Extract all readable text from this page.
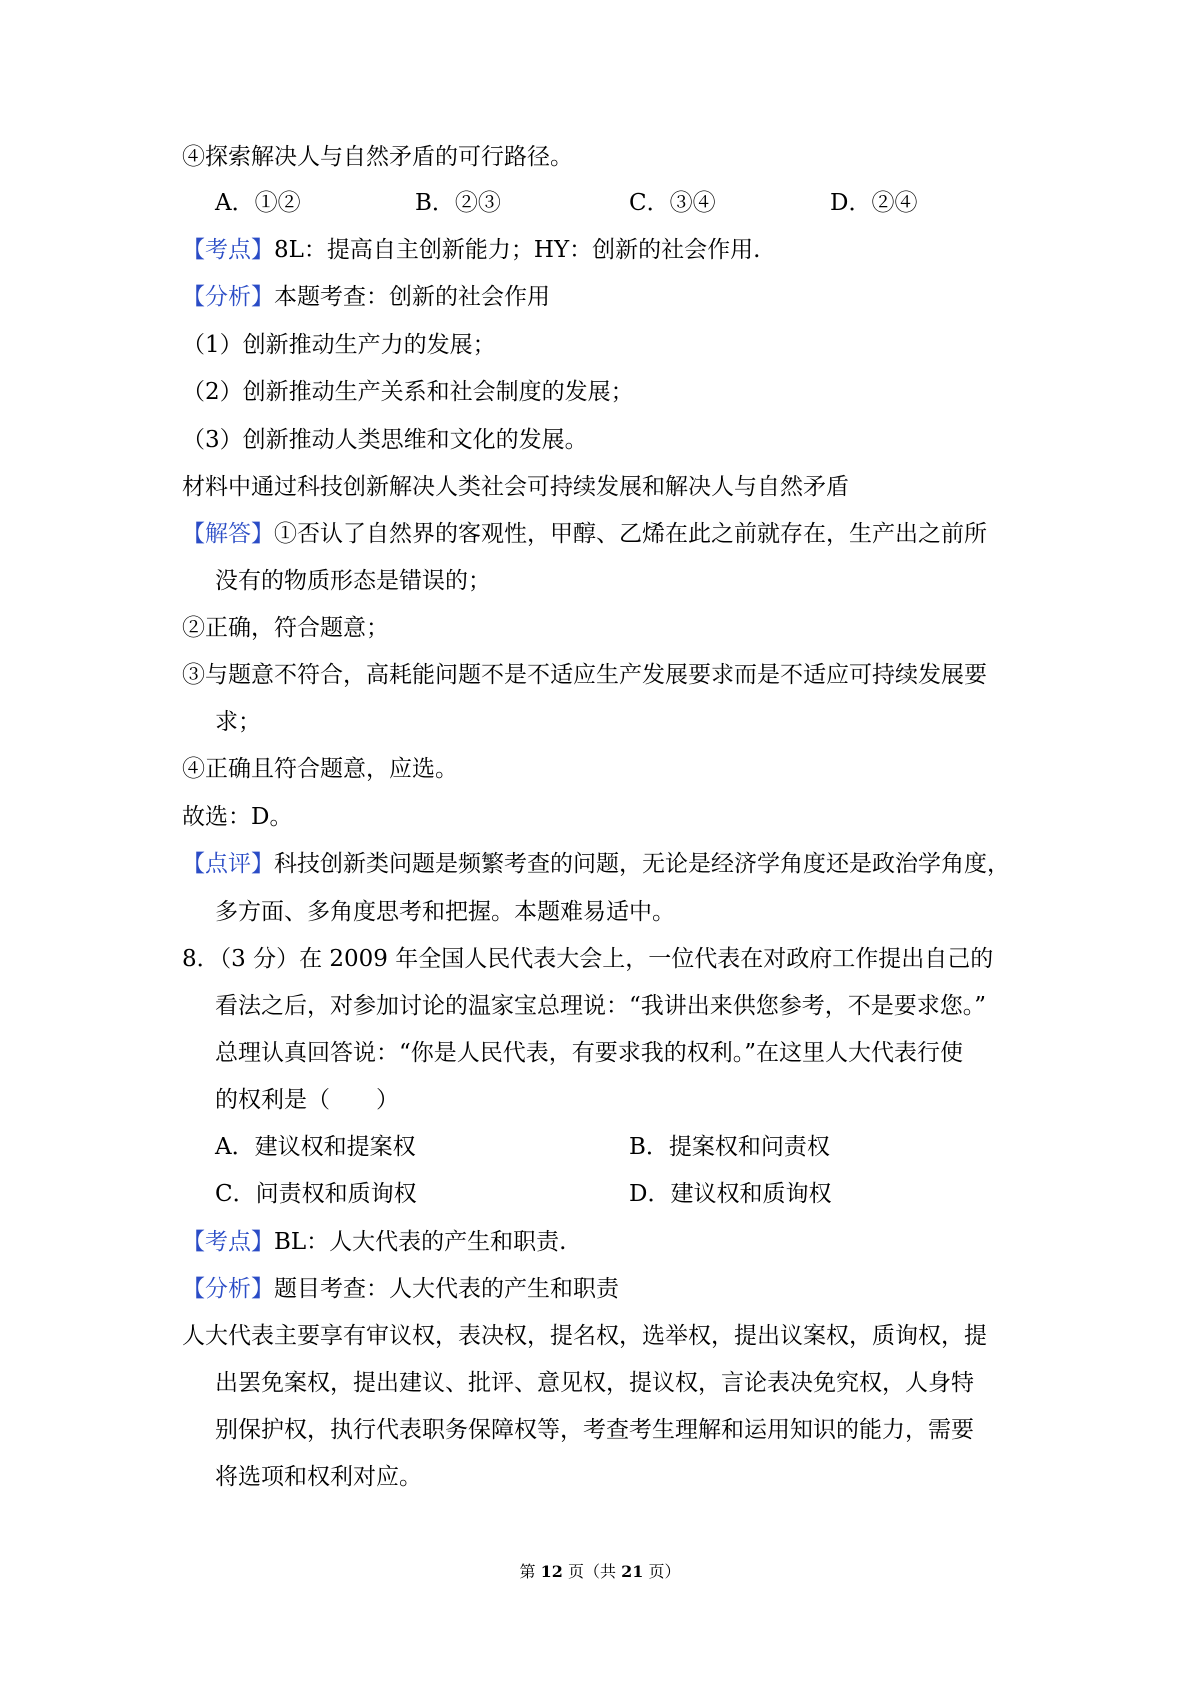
④探索解决人与自然矛盾的可行路径。
A．①②	B．②③	C．③④	D．②④
【考点】8L：提高自主创新能力；HY：创新的社会作用.
【分析】本题考查：创新的社会作用
（1）创新推动生产力的发展；
（2）创新推动生产关系和社会制度的发展；
（3）创新推动人类思维和文化的发展。
材料中通过科技创新解决人类社会可持续发展和解决人与自然矛盾
【解答】①否认了自然界的客观性，甲醇、乙烯在此之前就存在，生产出之前所
没有的物质形态是错误的；
②正确，符合题意；
③与题意不符合，高耗能问题不是不适应生产发展要求而是不适应可持续发展要
求；
④正确且符合题意，应选。
故选：D。
【点评】科技创新类问题是频繁考查的问题，无论是经济学角度还是政治学角度，
多方面、多角度思考和把握。本题难易适中。
8．（3 分）在 2009 年全国人民代表大会上，一位代表在对政府工作提出自己的
看法之后，对参加讨论的温家宝总理说：“我讲出来供您参考，不是要求您。”
总理认真回答说：“你是人民代表，有要求我的权利。”在这里人大代表行使
的权利是（　　）
A．建议权和提案权	B．提案权和问责权
C．问责权和质询权	D．建议权和质询权
【考点】BL：人大代表的产生和职责.
【分析】题目考查：人大代表的产生和职责
人大代表主要享有审议权，表决权，提名权，选举权，提出议案权，质询权，提
出罢免案权，提出建议、批评、意见权，提议权，言论表决免究权，人身特
别保护权，执行代表职务保障权等，考查考生理解和运用知识的能力，需要
将选项和权利对应。
第 12 页（共 21 页）
